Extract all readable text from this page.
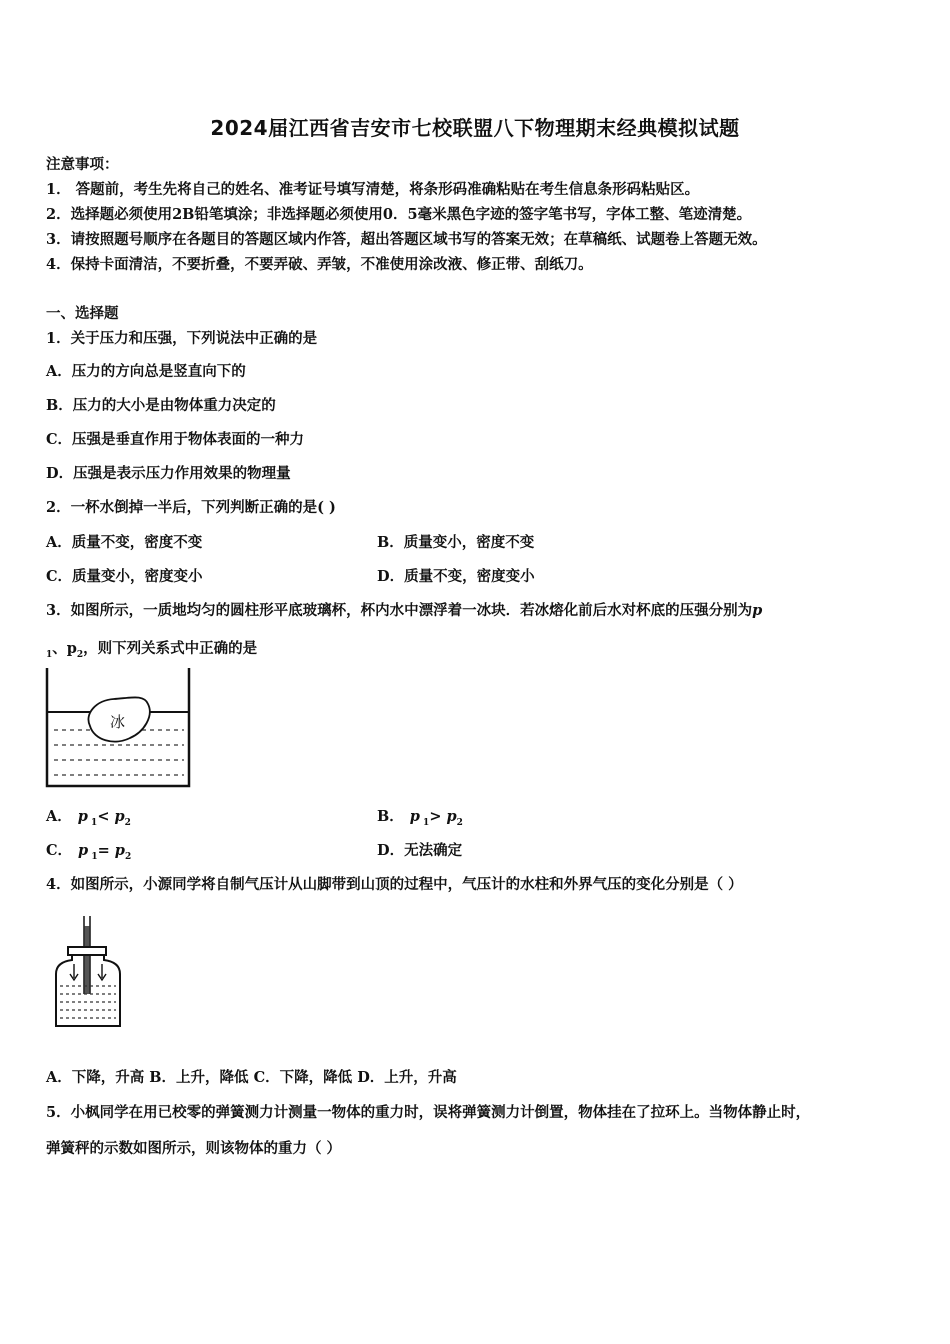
2024届江西省吉安市七校联盟八下物理期末经典模拟试题
注意事项：
1． 答题前，考生先将自己的姓名、准考证号填写清楚，将条形码准确粘贴在考生信息条形码粘贴区。
2．选择题必须使用2B铅笔填涂；非选择题必须使用0．5毫米黑色字迹的签字笔书写，字体工整、笔迹清楚。
3．请按照题号顺序在各题目的答题区域内作答，超出答题区域书写的答案无效；在草稿纸、试题卷上答题无效。
4．保持卡面清洁，不要折叠，不要弄破、弄皱，不准使用涂改液、修正带、刮纸刀。
一、选择题
1．关于压力和压强，下列说法中正确的是
A．压力的方向总是竖直向下的
B．压力的大小是由物体重力决定的
C．压强是垂直作用于物体表面的一种力
D．压强是表示压力作用效果的物理量
2．一杯水倒掉一半后，下列判断正确的是( )
A．质量不变，密度不变	B．质量变小，密度不变
C．质量变小，密度变小	D．质量不变，密度变小
3．如图所示，一质地均匀的圆柱形平底玻璃杯，杯内水中漂浮着一冰块．若冰熔化前后水对杯底的压强分别为p
$_1$、$p_2$，则下列关系式中正确的是
冰
A． p $_1< p_2$	B． p $_1> p_2$
C． p $_1= p_2$	D．无法确定
4．如图所示，小源同学将自制气压计从山脚带到山顶的过程中，气压计的水柱和外界气压的变化分别是（ ）
A．下降，升高 B．上升，降低 C．下降，降低 D．上升，升高
5．小枫同学在用已校零的弹簧测力计测量一物体的重力时，误将弹簧测力计倒置，物体挂在了拉环上。当物体静止时，
弹簧秤的示数如图所示，则该物体的重力（ ）
